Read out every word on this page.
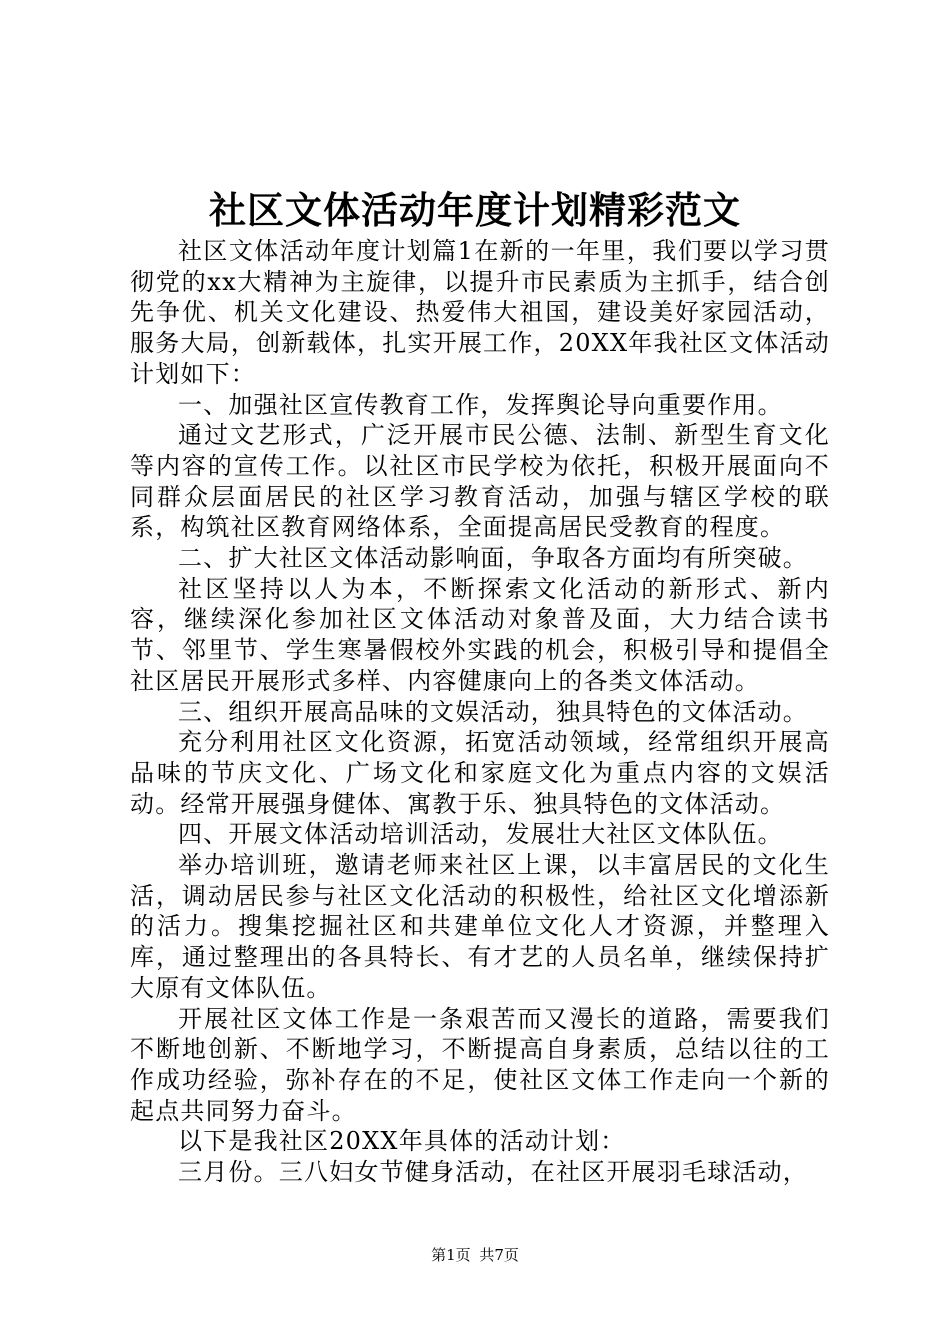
社区文体活动年度计划精彩范文

社区文体活动年度计划篇1在新的一年里，我们要以学习贯彻党的xx大精神为主旋律，以提升市民素质为主抓手，结合创先争优、机关文化建设、热爱伟大祖国，建设美好家园活动，服务大局，创新载体，扎实开展工作，20XX年我社区文体活动计划如下：

一、加强社区宣传教育工作，发挥舆论导向重要作用。

通过文艺形式，广泛开展市民公德、法制、新型生育文化等内容的宣传工作。以社区市民学校为依托，积极开展面向不同群众层面居民的社区学习教育活动，加强与辖区学校的联系，构筑社区教育网络体系，全面提高居民受教育的程度。

二、扩大社区文体活动影响面，争取各方面均有所突破。

社区坚持以人为本，不断探索文化活动的新形式、新内容，继续深化参加社区文体活动对象普及面，大力结合读书节、邻里节、学生寒暑假校外实践的机会，积极引导和提倡全社区居民开展形式多样、内容健康向上的各类文体活动。

三、组织开展高品味的文娱活动，独具特色的文体活动。

充分利用社区文化资源，拓宽活动领域，经常组织开展高品味的节庆文化、广场文化和家庭文化为重点内容的文娱活动。经常开展强身健体、寓教于乐、独具特色的文体活动。

四、开展文体活动培训活动，发展壮大社区文体队伍。

举办培训班，邀请老师来社区上课，以丰富居民的文化生活，调动居民参与社区文化活动的积极性，给社区文化增添新的活力。搜集挖掘社区和共建单位文化人才资源，并整理入库，通过整理出的各具特长、有才艺的人员名单，继续保持扩大原有文体队伍。

开展社区文体工作是一条艰苦而又漫长的道路，需要我们不断地创新、不断地学习，不断提高自身素质，总结以往的工作成功经验，弥补存在的不足，使社区文体工作走向一个新的起点共同努力奋斗。

以下是我社区20XX年具体的活动计划：

三月份。三八妇女节健身活动，在社区开展羽毛球活动，

第1页 共7页
